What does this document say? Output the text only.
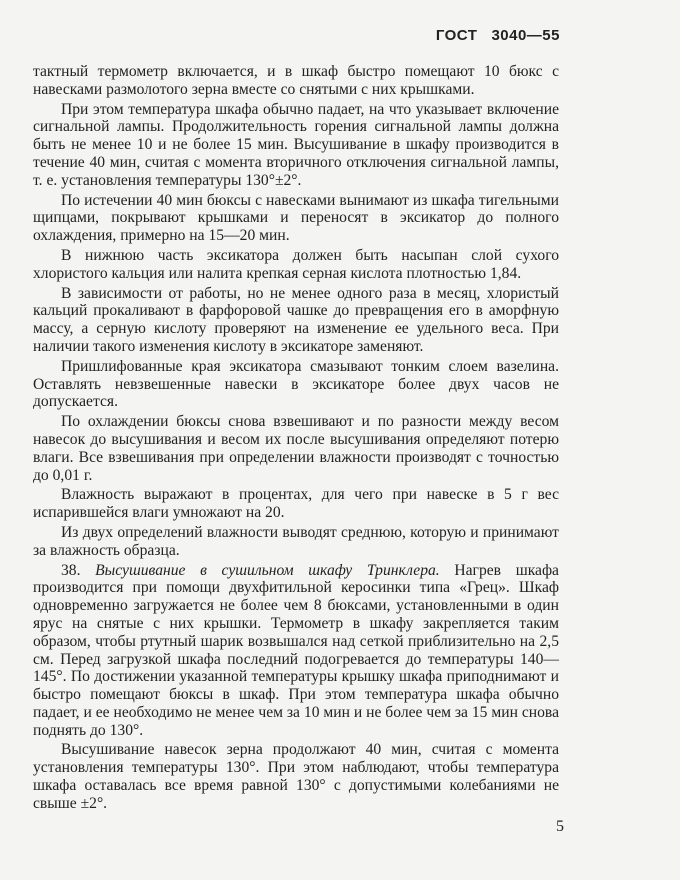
ГОСТ 3040—55

тактный термометр включается, и в шкаф быстро помещают 10 бюкс с навесками размолотого зерна вместе со снятыми с них крышками.

При этом температура шкафа обычно падает, на что указывает включение сигнальной лампы. Продолжительность горения сигнальной лампы должна быть не менее 10 и не более 15 мин. Высушивание в шкафу производится в течение 40 мин, считая с момента вторичного отключения сигнальной лампы, т. е. установления температуры 130°±2°.

По истечении 40 мин бюксы с навесками вынимают из шкафа тигельными щипцами, покрывают крышками и переносят в эксикатор до полного охлаждения, примерно на 15—20 мин.

В нижнюю часть эксикатора должен быть насыпан слой сухого хлористого кальция или налита крепкая серная кислота плотностью 1,84.

В зависимости от работы, но не менее одного раза в месяц, хлористый кальций прокаливают в фарфоровой чашке до превращения его в аморфную массу, а серную кислоту проверяют на изменение ее удельного веса. При наличии такого изменения кислоту в эксикаторе заменяют.

Пришлифованные края эксикатора смазывают тонким слоем вазелина. Оставлять невзвешенные навески в эксикаторе более двух часов не допускается.

По охлаждении бюксы снова взвешивают и по разности между весом навесок до высушивания и весом их после высушивания определяют потерю влаги. Все взвешивания при определении влажности производят с точностью до 0,01 г.

Влажность выражают в процентах, для чего при навеске в 5 г вес испарившейся влаги умножают на 20.

Из двух определений влажности выводят среднюю, которую и принимают за влажность образца.

38. Высушивание в сушильном шкафу Тринклера. Нагрев шкафа производится при помощи двухфитильной керосинки типа «Грец». Шкаф одновременно загружается не более чем 8 бюксами, установленными в один ярус на снятые с них крышки. Термометр в шкафу закрепляется таким образом, чтобы ртутный шарик возвышался над сеткой приблизительно на 2,5 см. Перед загрузкой шкафа последний подогревается до температуры 140—145°. По достижении указанной температуры крышку шкафа приподнимают и быстро помещают бюксы в шкаф. При этом температура шкафа обычно падает, и ее необходимо не менее чем за 10 мин и не более чем за 15 мин снова поднять до 130°.

Высушивание навесок зерна продолжают 40 мин, считая с момента установления температуры 130°. При этом наблюдают, чтобы температура шкафа оставалась все время равной 130° с допустимыми колебаниями не свыше ±2°.

5
